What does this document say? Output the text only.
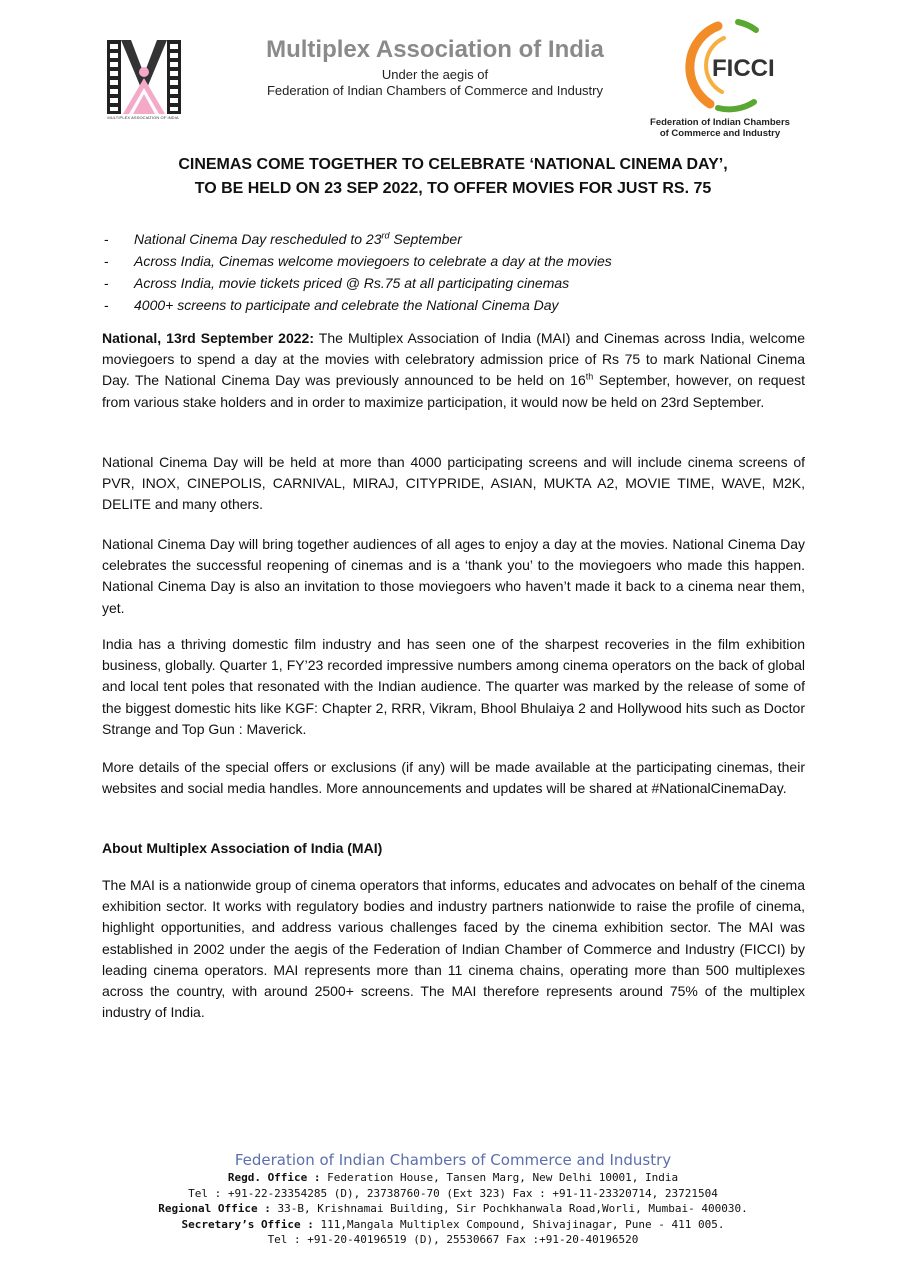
MULTIPLEX ASSOCIATION OF INDIA
Multiplex Association of India
Under the aegis of
Federation of Indian Chambers of Commerce and Industry
FICCI
Federation of Indian Chambers
of Commerce and Industry
CINEMAS COME TOGETHER TO CELEBRATE ‘NATIONAL CINEMA DAY’,
TO BE HELD ON 23 SEP 2022, TO OFFER MOVIES FOR JUST RS. 75
- National Cinema Day rescheduled to 23rd September
- Across India, Cinemas welcome moviegoers to celebrate a day at the movies
- Across India, movie tickets priced @ Rs.75 at all participating cinemas
- 4000+ screens to participate and celebrate the National Cinema Day

National, 13rd September 2022: The Multiplex Association of India (MAI) and Cinemas across India, welcome moviegoers to spend a day at the movies with celebratory admission price of Rs 75 to mark National Cinema Day. The National Cinema Day was previously announced to be held on 16th September, however, on request from various stake holders and in order to maximize participation, it would now be held on 23rd September.

National Cinema Day will be held at more than 4000 participating screens and will include cinema screens of PVR, INOX, CINEPOLIS, CARNIVAL, MIRAJ, CITYPRIDE, ASIAN, MUKTA A2, MOVIE TIME, WAVE, M2K, DELITE and many others.

National Cinema Day will bring together audiences of all ages to enjoy a day at the movies. National Cinema Day celebrates the successful reopening of cinemas and is a ‘thank you’ to the moviegoers who made this happen. National Cinema Day is also an invitation to those moviegoers who haven’t made it back to a cinema near them, yet.

India has a thriving domestic film industry and has seen one of the sharpest recoveries in the film exhibition business, globally. Quarter 1, FY’23 recorded impressive numbers among cinema operators on the back of global and local tent poles that resonated with the Indian audience. The quarter was marked by the release of some of the biggest domestic hits like KGF: Chapter 2, RRR, Vikram, Bhool Bhulaiya 2 and Hollywood hits such as Doctor Strange and Top Gun : Maverick.

More details of the special offers or exclusions (if any) will be made available at the participating cinemas, their websites and social media handles. More announcements and updates will be shared at #NationalCinemaDay.

About Multiplex Association of India (MAI)

The MAI is a nationwide group of cinema operators that informs, educates and advocates on behalf of the cinema exhibition sector. It works with regulatory bodies and industry partners nationwide to raise the profile of cinema, highlight opportunities, and address various challenges faced by the cinema exhibition sector. The MAI was established in 2002 under the aegis of the Federation of Indian Chamber of Commerce and Industry (FICCI) by leading cinema operators. MAI represents more than 11 cinema chains, operating more than 500 multiplexes across the country, with around 2500+ screens. The MAI therefore represents around 75% of the multiplex industry of India.

Federation of Indian Chambers of Commerce and Industry
Regd. Office : Federation House, Tansen Marg, New Delhi 10001, India
Tel : +91-22-23354285 (D), 23738760-70 (Ext 323) Fax : +91-11-23320714, 23721504
Regional Office : 33-B, Krishnamai Building, Sir Pochkhanwala Road,Worli, Mumbai- 400030.
Secretary’s Office : 111,Mangala Multiplex Compound, Shivajinagar, Pune - 411 005.
Tel : +91-20-40196519 (D), 25530667 Fax :+91-20-40196520
